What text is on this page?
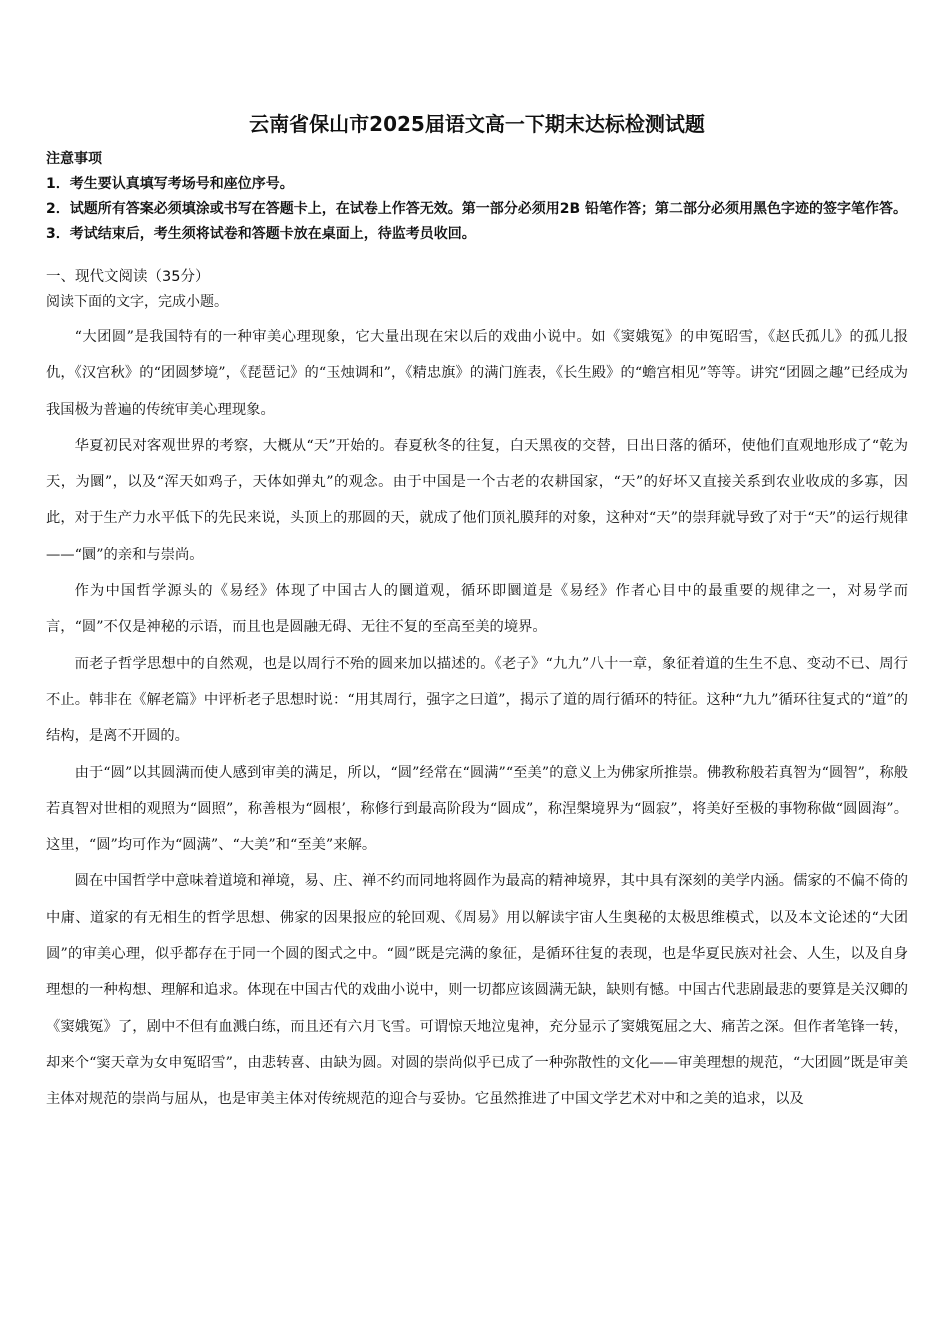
云南省保山市2025届语文高一下期末达标检测试题

注意事项

1．考生要认真填写考场号和座位序号。

2．试题所有答案必须填涂或书写在答题卡上，在试卷上作答无效。第一部分必须用2B 铅笔作答；第二部分必须用黑色字迹的签字笔作答。

3．考试结束后，考生须将试卷和答题卡放在桌面上，待监考员收回。

一、现代文阅读（35分）

阅读下面的文字，完成小题。

“大团圆”是我国特有的一种审美心理现象，它大量出现在宋以后的戏曲小说中。如《窦娥冤》的申冤昭雪，《赵氏孤儿》的孤儿报仇，《汉宫秋》的“团圆梦境”，《琵琶记》的“玉烛调和”，《精忠旗》的满门旌表，《长生殿》的“蟾宫相见”等等。讲究“团圆之趣”已经成为我国极为普遍的传统审美心理现象。

华夏初民对客观世界的考察，大概从“天”开始的。春夏秋冬的往复，白天黑夜的交替，日出日落的循环，使他们直观地形成了“乾为天，为圜”，以及“浑天如鸡子，天体如弹丸”的观念。由于中国是一个古老的农耕国家，“天”的好坏又直接关系到农业收成的多寡，因此，对于生产力水平低下的先民来说，头顶上的那圆的天，就成了他们顶礼膜拜的对象，这种对“天”的崇拜就导致了对于“天”的运行规律——“圜”的亲和与崇尚。

作为中国哲学源头的《易经》体现了中国古人的圜道观，循环即圜道是《易经》作者心目中的最重要的规律之一，对易学而言，“圆”不仅是神秘的示语，而且也是圆融无碍、无往不复的至高至美的境界。

而老子哲学思想中的自然观，也是以周行不殆的圆来加以描述的。《老子》“九九”八十一章，象征着道的生生不息、变动不已、周行不止。韩非在《解老篇》中评析老子思想时说：“用其周行，强字之曰道”，揭示了道的周行循环的特征。这种“九九”循环往复式的“道”的结构，是离不开圆的。

由于“圆”以其圆满而使人感到审美的满足，所以，“圆”经常在“圆满”“至美”的意义上为佛家所推崇。佛教称般若真智为“圆智”，称般若真智对世相的观照为“圆照”，称善根为“圆根’，称修行到最高阶段为“圆成”，称涅槃境界为“圆寂”，将美好至极的事物称做“圆圆海”。这里，“圆”均可作为“圆满”、“大美”和“至美”来解。

圆在中国哲学中意味着道境和禅境，易、庄、禅不约而同地将圆作为最高的精神境界，其中具有深刻的美学内涵。儒家的不偏不倚的中庸、道家的有无相生的哲学思想、佛家的因果报应的轮回观、《周易》用以解读宇宙人生奥秘的太极思维模式，以及本文论述的“大团圆”的审美心理，似乎都存在于同一个圆的图式之中。“圆”既是完满的象征，是循环往复的表现，也是华夏民族对社会、人生，以及自身理想的一种构想、理解和追求。体现在中国古代的戏曲小说中，则一切都应该圆满无缺，缺则有憾。中国古代悲剧最悲的要算是关汉卿的《窦娥冤》了，剧中不但有血溅白练，而且还有六月飞雪。可谓惊天地泣鬼神，充分显示了窦娥冤屈之大、痛苦之深。但作者笔锋一转，却来个“窦天章为女申冤昭雪”，由悲转喜、由缺为圆。对圆的崇尚似乎已成了一种弥散性的文化——审美理想的规范，“大团圆”既是审美主体对规范的崇尚与屈从，也是审美主体对传统规范的迎合与妥协。它虽然推进了中国文学艺术对中和之美的追求，以及
